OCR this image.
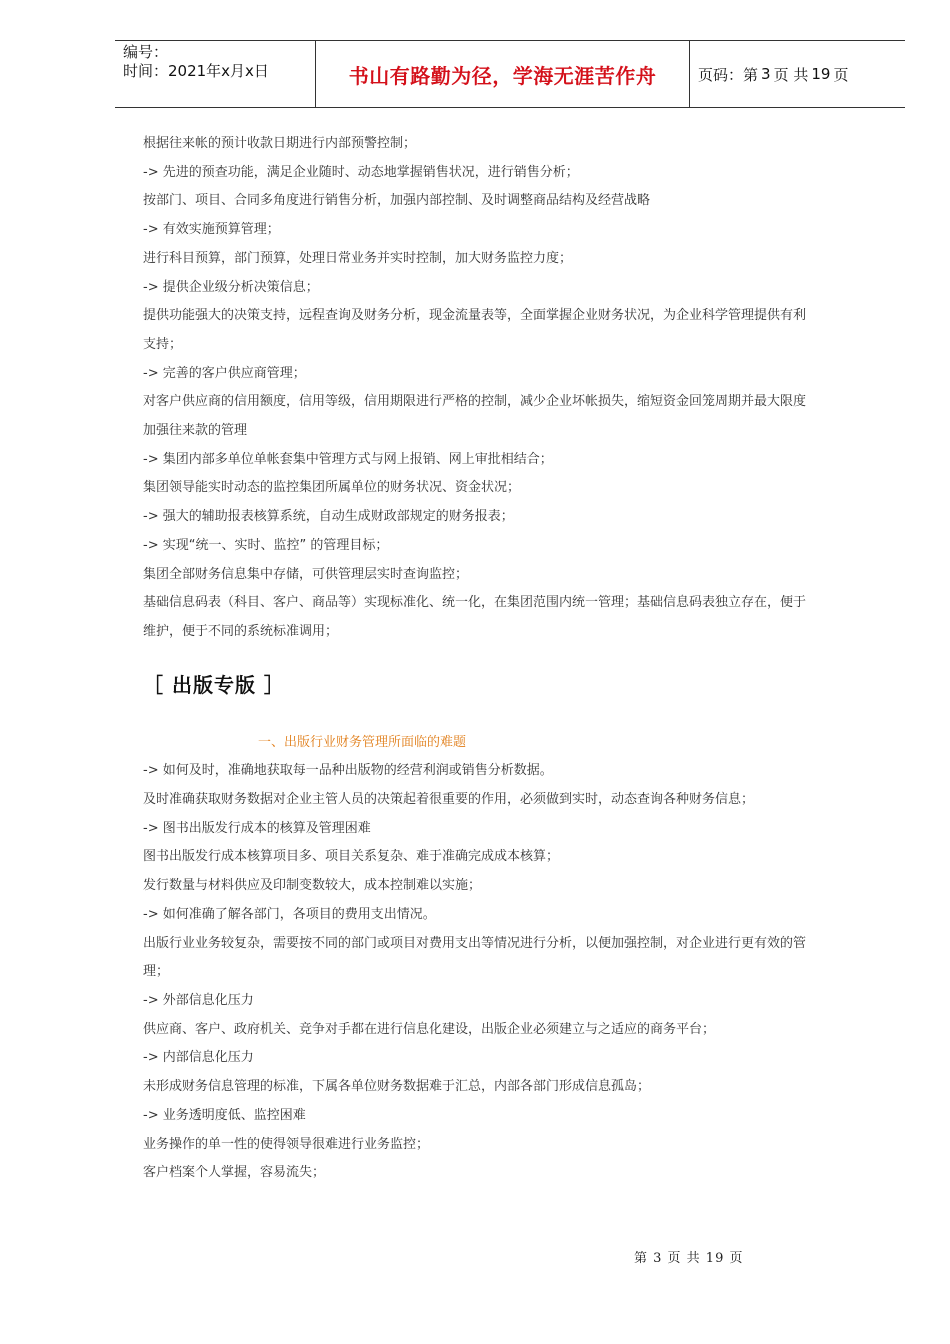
编号：
时间：2021年x月x日	书山有路勤为径，学海无涯苦作舟	页码：第 3 页 共 19 页
根据往来帐的预计收款日期进行内部预警控制；
-> 先进的预查功能，满足企业随时、动态地掌握销售状况，进行销售分析；
按部门、项目、合同多角度进行销售分析，加强内部控制、及时调整商品结构及经营战略
-> 有效实施预算管理；
进行科目预算，部门预算，处理日常业务并实时控制，加大财务监控力度；
-> 提供企业级分析决策信息；
提供功能强大的决策支持，远程查询及财务分析，现金流量表等，全面掌握企业财务状况，为企业科学管理提供有利
支持；
-> 完善的客户供应商管理；
对客户供应商的信用额度，信用等级，信用期限进行严格的控制，减少企业坏帐损失，缩短资金回笼周期并最大限度
加强往来款的管理
-> 集团内部多单位单帐套集中管理方式与网上报销、网上审批相结合；
集团领导能实时动态的监控集团所属单位的财务状况、资金状况；
-> 强大的辅助报表核算系统，自动生成财政部规定的财务报表；
-> 实现“统一、实时、监控” 的管理目标；
集团全部财务信息集中存储，可供管理层实时查询监控；
基础信息码表（科目、客户、商品等）实现标准化、统一化，在集团范围内统一管理；基础信息码表独立存在，便于
维护，便于不同的系统标准调用；
［ 出版专版 ］
一、出版行业财务管理所面临的难题
-> 如何及时，准确地获取每一品种出版物的经营利润或销售分析数据。
及时准确获取财务数据对企业主管人员的决策起着很重要的作用，必须做到实时，动态查询各种财务信息；
-> 图书出版发行成本的核算及管理困难
图书出版发行成本核算项目多、项目关系复杂、难于准确完成成本核算；
发行数量与材料供应及印制变数较大，成本控制难以实施；
-> 如何准确了解各部门，各项目的费用支出情况。
出版行业业务较复杂，需要按不同的部门或项目对费用支出等情况进行分析，以便加强控制，对企业进行更有效的管
理；
-> 外部信息化压力
供应商、客户、政府机关、竞争对手都在进行信息化建设，出版企业必须建立与之适应的商务平台；
-> 内部信息化压力
未形成财务信息管理的标准，下属各单位财务数据难于汇总，内部各部门形成信息孤岛；
-> 业务透明度低、监控困难
业务操作的单一性的使得领导很难进行业务监控；
客户档案个人掌握，容易流失；
第 3 页 共 19 页
